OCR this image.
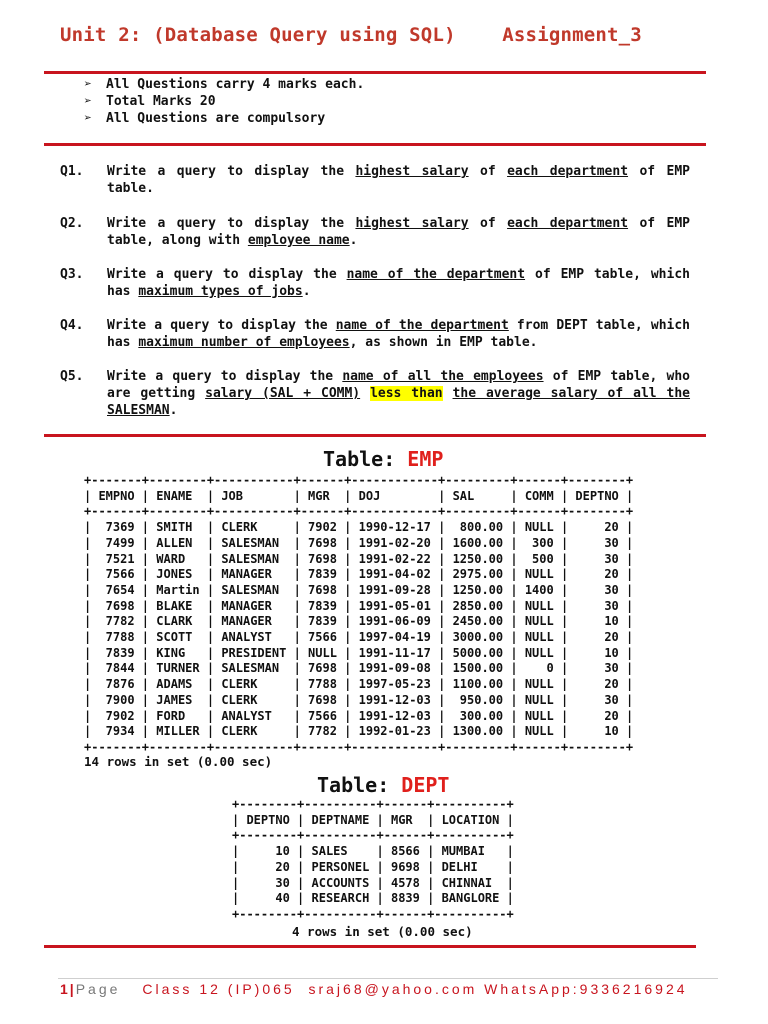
Unit 2: (Database Query using SQL)    Assignment_3
➢ All Questions carry 4 marks each.
➢ Total Marks 20
➢ All Questions are compulsory
Q1. Write a query to display the highest salary of each department of EMP table.
Q2. Write a query to display the highest salary of each department of EMP table, along with employee name.
Q3. Write a query to display the name of the department of EMP table, which has maximum types of jobs.
Q4. Write a query to display the name of the department from DEPT table, which has maximum number of employees, as shown in EMP table.
Q5. Write a query to display the name of all the employees of EMP table, who are getting salary (SAL + COMM) less than the average salary of all the SALESMAN.
Table: EMP
+-------+--------+-----------+------+------------+---------+------+--------+
| EMPNO | ENAME  | JOB       | MGR  | DOJ        | SAL     | COMM | DEPTNO |
+-------+--------+-----------+------+------------+---------+------+--------+
|  7369 | SMITH  | CLERK     | 7902 | 1990-12-17 |  800.00 | NULL |     20 |
|  7499 | ALLEN  | SALESMAN  | 7698 | 1991-02-20 | 1600.00 |  300 |     30 |
|  7521 | WARD   | SALESMAN  | 7698 | 1991-02-22 | 1250.00 |  500 |     30 |
|  7566 | JONES  | MANAGER   | 7839 | 1991-04-02 | 2975.00 | NULL |     20 |
|  7654 | Martin | SALESMAN  | 7698 | 1991-09-28 | 1250.00 | 1400 |     30 |
|  7698 | BLAKE  | MANAGER   | 7839 | 1991-05-01 | 2850.00 | NULL |     30 |
|  7782 | CLARK  | MANAGER   | 7839 | 1991-06-09 | 2450.00 | NULL |     10 |
|  7788 | SCOTT  | ANALYST   | 7566 | 1997-04-19 | 3000.00 | NULL |     20 |
|  7839 | KING   | PRESIDENT | NULL | 1991-11-17 | 5000.00 | NULL |     10 |
|  7844 | TURNER | SALESMAN  | 7698 | 1991-09-08 | 1500.00 |    0 |     30 |
|  7876 | ADAMS  | CLERK     | 7788 | 1997-05-23 | 1100.00 | NULL |     20 |
|  7900 | JAMES  | CLERK     | 7698 | 1991-12-03 |  950.00 | NULL |     30 |
|  7902 | FORD   | ANALYST   | 7566 | 1991-12-03 |  300.00 | NULL |     20 |
|  7934 | MILLER | CLERK     | 7782 | 1992-01-23 | 1300.00 | NULL |     10 |
+-------+--------+-----------+------+------------+---------+------+--------+
14 rows in set (0.00 sec)
Table: DEPT
+--------+----------+------+----------+
| DEPTNO | DEPTNAME | MGR  | LOCATION |
+--------+----------+------+----------+
|     10 | SALES    | 8566 | MUMBAI   |
|     20 | PERSONEL | 9698 | DELHI    |
|     30 | ACCOUNTS | 4578 | CHINNAI  |
|     40 | RESEARCH | 8839 | BANGLORE |
+--------+----------+------+----------+
4 rows in set (0.00 sec)
1 | Page Class 12 (IP)065  sraj68@yahoo.com WhatsApp:9336216924
